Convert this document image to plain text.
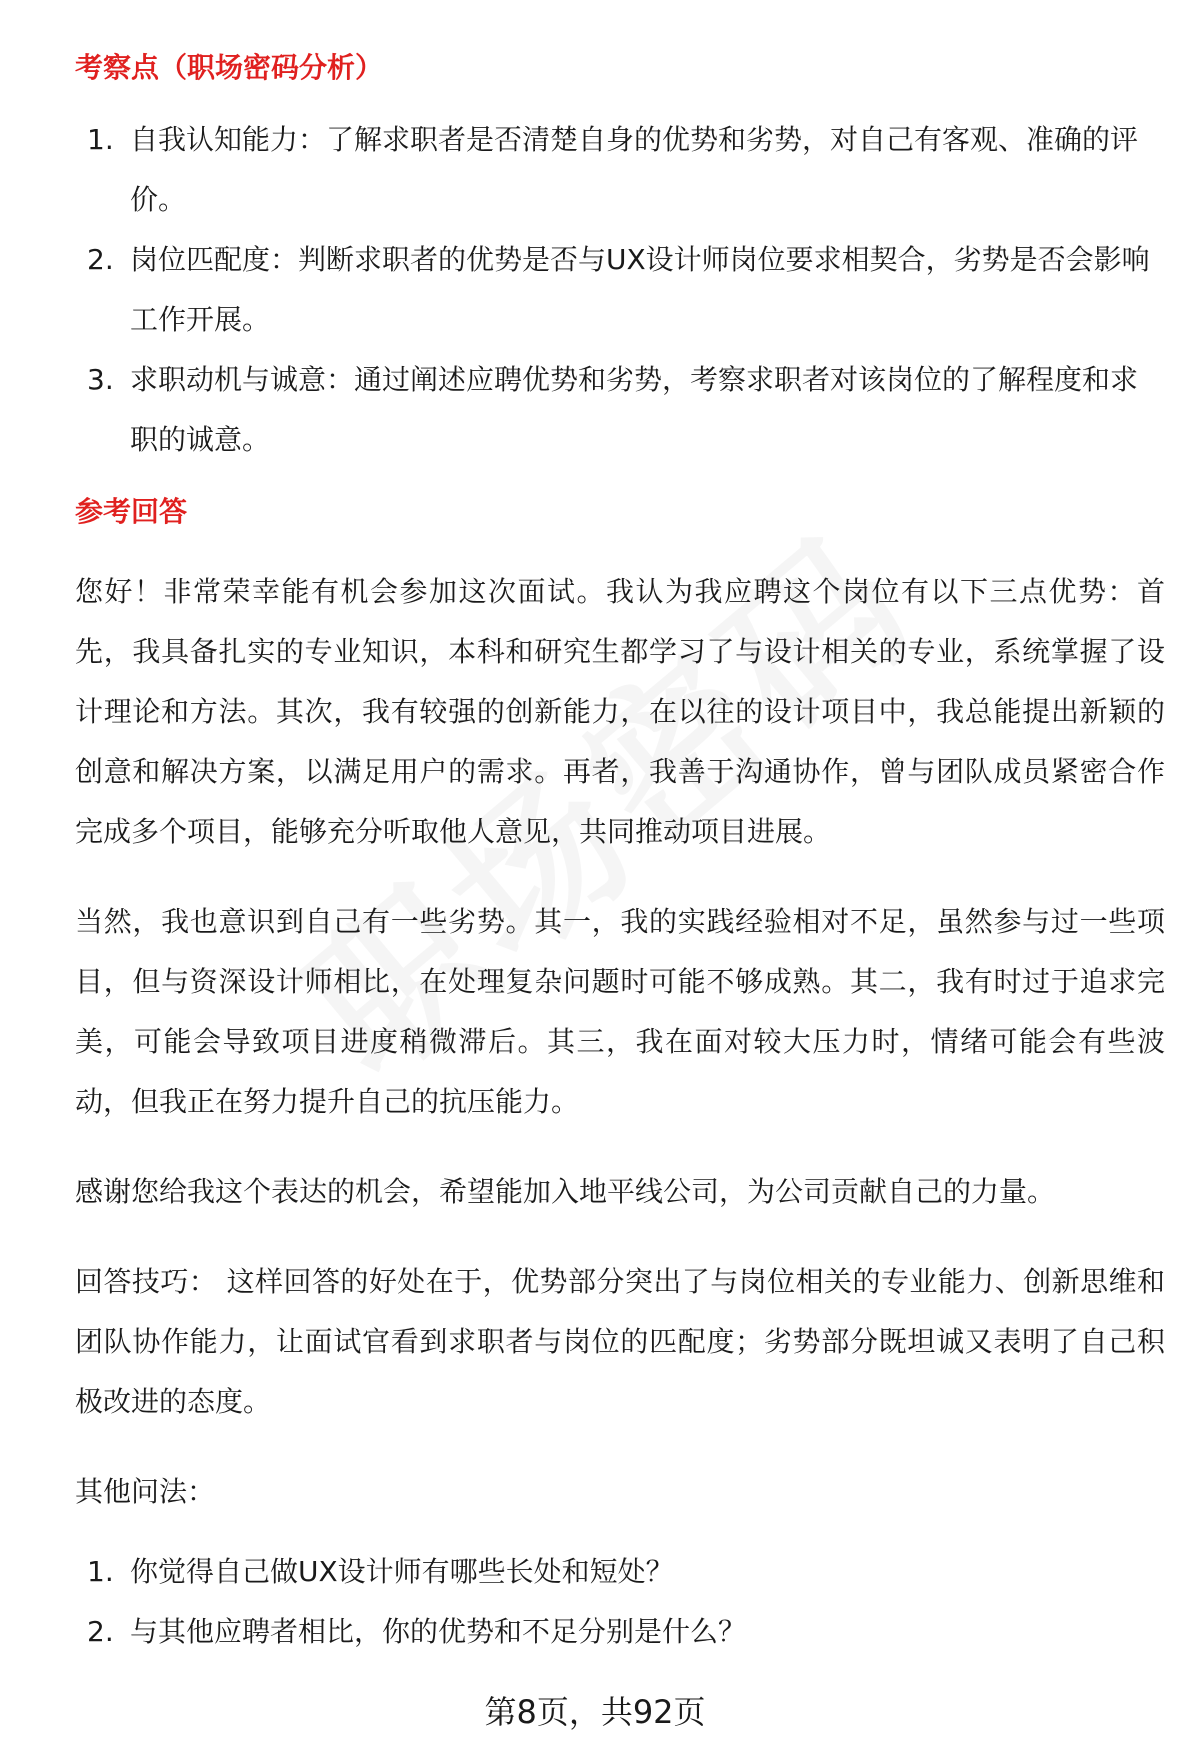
考察点（职场密码分析）
1. 自我认知能力：了解求职者是否清楚自身的优势和劣势，对自己有客观、准确的评价。
2. 岗位匹配度：判断求职者的优势是否与UX设计师岗位要求相契合，劣势是否会影响工作开展。
3. 求职动机与诚意：通过阐述应聘优势和劣势，考察求职者对该岗位的了解程度和求职的诚意。
参考回答

您好！非常荣幸能有机会参加这次面试。我认为我应聘这个岗位有以下三点优势：首先，我具备扎实的专业知识，本科和研究生都学习了与设计相关的专业，系统掌握了设计理论和方法。其次，我有较强的创新能力，在以往的设计项目中，我总能提出新颖的创意和解决方案，以满足用户的需求。再者，我善于沟通协作，曾与团队成员紧密合作完成多个项目，能够充分听取他人意见，共同推动项目进展。

当然，我也意识到自己有一些劣势。其一，我的实践经验相对不足，虽然参与过一些项目，但与资深设计师相比，在处理复杂问题时可能不够成熟。其二，我有时过于追求完美，可能会导致项目进度稍微滞后。其三，我在面对较大压力时，情绪可能会有些波动，但我正在努力提升自己的抗压能力。

感谢您给我这个表达的机会，希望能加入地平线公司，为公司贡献自己的力量。

回答技巧： 这样回答的好处在于，优势部分突出了与岗位相关的专业能力、创新思维和团队协作能力，让面试官看到求职者与岗位的匹配度；劣势部分既坦诚又表明了自己积极改进的态度。

其他问法：
1. 你觉得自己做UX设计师有哪些长处和短处？
2. 与其他应聘者相比，你的优势和不足分别是什么？
第8页，共92页
